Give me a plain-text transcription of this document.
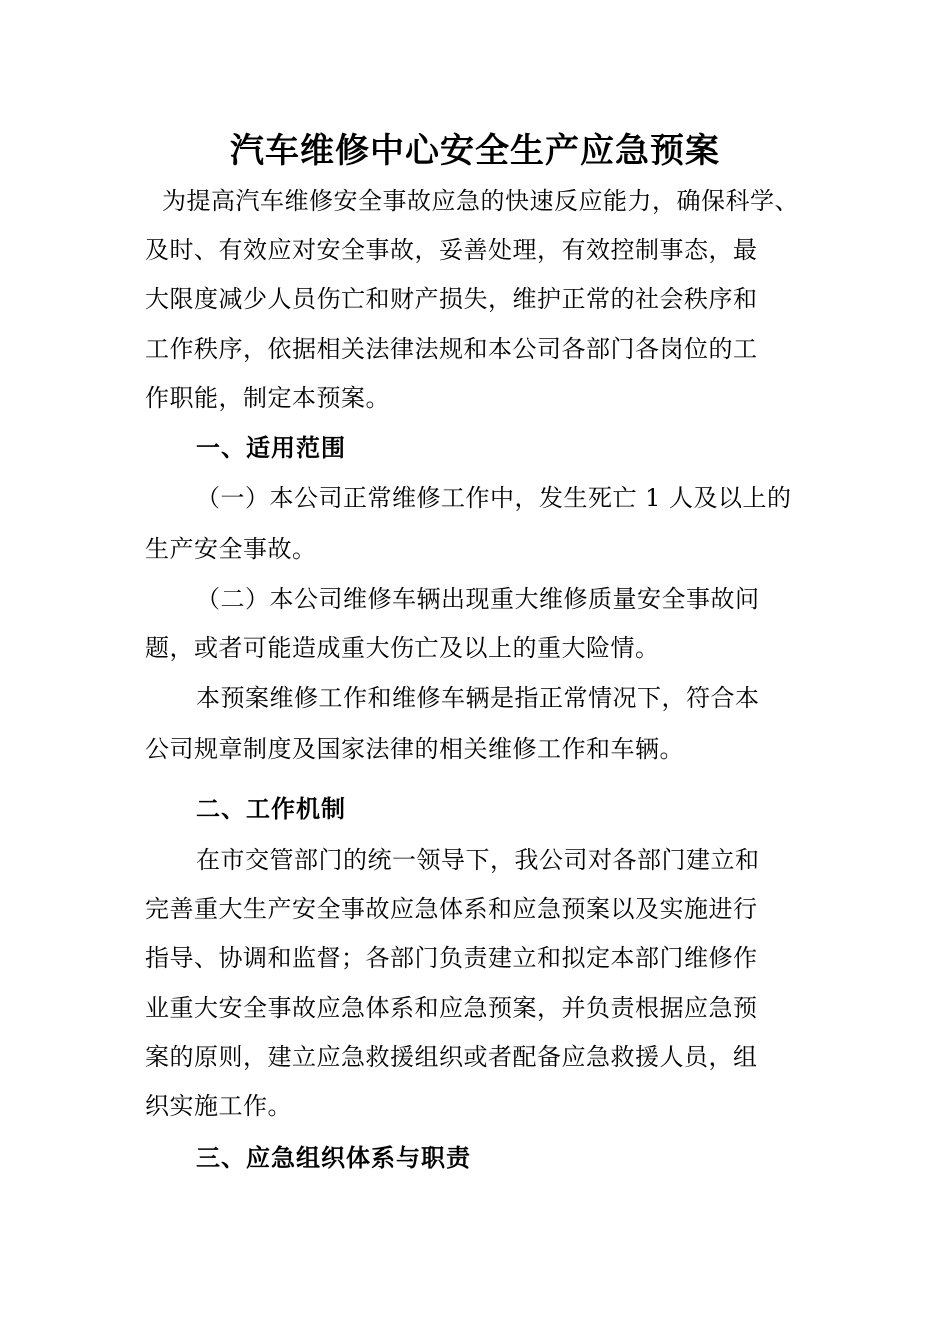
汽车维修中心安全生产应急预案
为提高汽车维修安全事故应急的快速反应能力，确保科学、
及时、有效应对安全事故，妥善处理，有效控制事态，最
大限度减少人员伤亡和财产损失，维护正常的社会秩序和
工作秩序，依据相关法律法规和本公司各部门各岗位的工
作职能，制定本预案。
一、适用范围
（一）本公司正常维修工作中，发生死亡 1 人及以上的
生产安全事故。
（二）本公司维修车辆出现重大维修质量安全事故问
题，或者可能造成重大伤亡及以上的重大险情。
本预案维修工作和维修车辆是指正常情况下，符合本
公司规章制度及国家法律的相关维修工作和车辆。
二、工作机制
在市交管部门的统一领导下，我公司对各部门建立和
完善重大生产安全事故应急体系和应急预案以及实施进行
指导、协调和监督；各部门负责建立和拟定本部门维修作
业重大安全事故应急体系和应急预案，并负责根据应急预
案的原则，建立应急救援组织或者配备应急救援人员，组
织实施工作。
三、应急组织体系与职责
